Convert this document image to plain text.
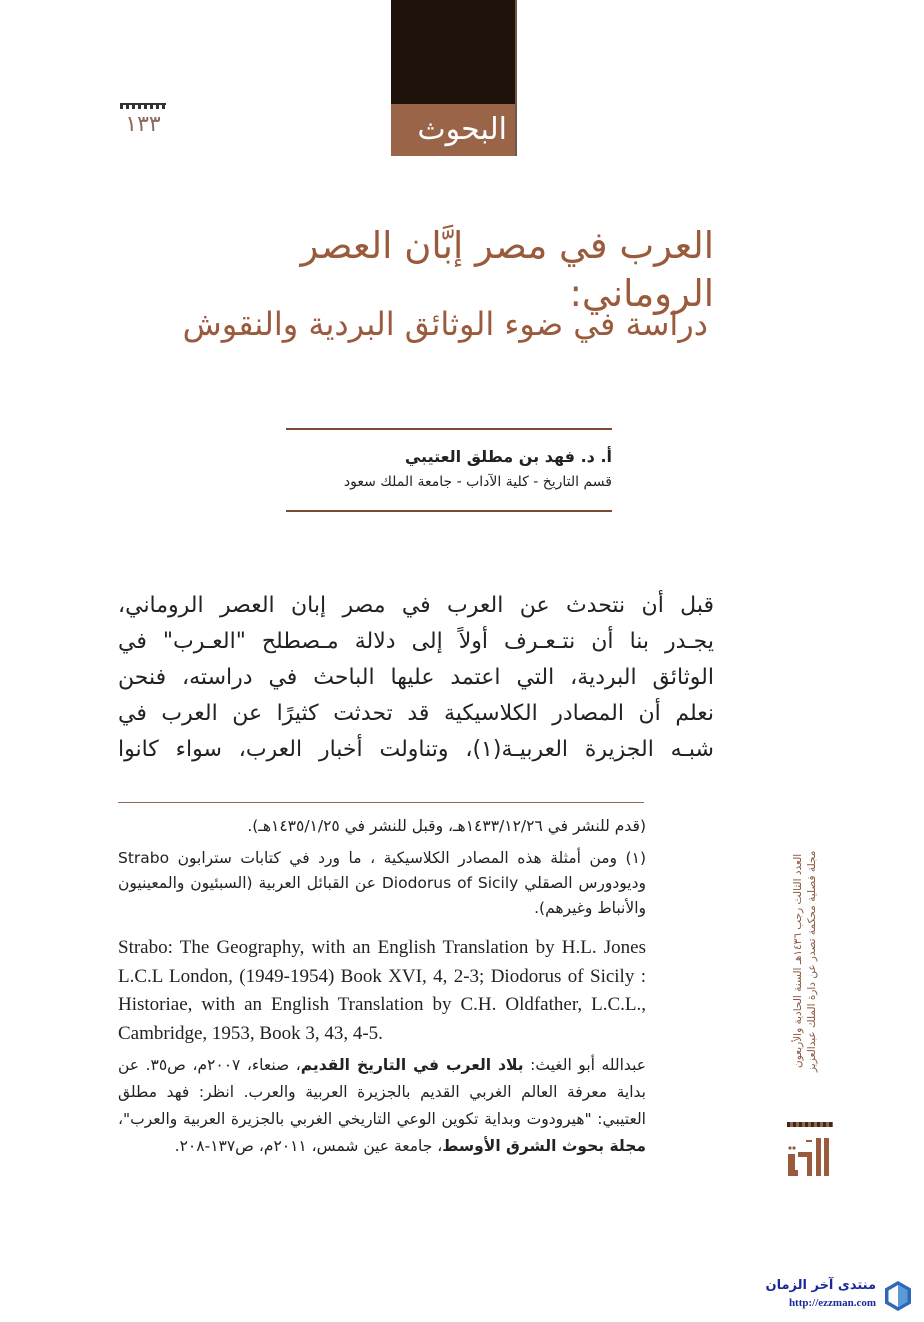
البحوث
١٣٣
العرب في مصر إبَّان العصر الروماني:
دراسة في ضوء الوثائق البردية والنقوش
أ. د. فهد بن مطلق العتيبي
قسم التاريخ - كلية الآداب - جامعة الملك سعود
قبل أن نتحدث عن العرب في مصر إبان العصر الروماني،
يجـدر بنا أن نتـعـرف أولاً إلى دلالة مـصطلح "العـرب" في
الوثائق البردية، التي اعتمد عليها الباحث في دراسته، فنحن
نعلم أن المصادر الكلاسيكية قد تحدثت كثيرًا عن العرب في
شبـه الجزيرة العربيـة(١)، وتناولت أخبار العرب، سواء كانوا
(قدم للنشر في ١٤٣٣/١٢/٢٦هـ، وقبل للنشر في ١٤٣٥/١/٢٥هـ).
(١) ومن أمثلة هذه المصادر الكلاسيكية ، ما ورد في كتابات سترابون Strabo وديودورس الصقلي Diodorus of Sicily عن القبائل العربية (السبئيون والمعينيون والأنباط وغيرهم).
Strabo: The Geography, with an English Translation by H.L. Jones L.C.L London, (1949-1954) Book XVI, 4, 2-3; Diodorus of Sicily : Historiae, with an English Translation by C.H. Oldfather, L.C.L., Cambridge, 1953, Book 3, 43, 4-5.
عبدالله أبو الغيث: بلاد العرب في التاريخ القديم، صنعاء، ٢٠٠٧م، ص٣٥. عن بداية معرفة العالم الغربي القديم بالجزيرة العربية والعرب. انظر: فهد مطلق العتيبي: "هيرودوت وبداية تكوين الوعي التاريخي الغربي بالجزيرة العربية والعرب"، مجلة بحوث الشرق الأوسط، جامعة عين شمس، ٢٠١١م، ص١٣٧-٢٠٨.
مجلة فصلية محكمة تصدر عن دارة الملك عبدالعزيز
العدد الثالث رجب ١٤٣٦هـ السنة الحادية والأربعون
منتدى آخر الزمان
http://ezzman.com
